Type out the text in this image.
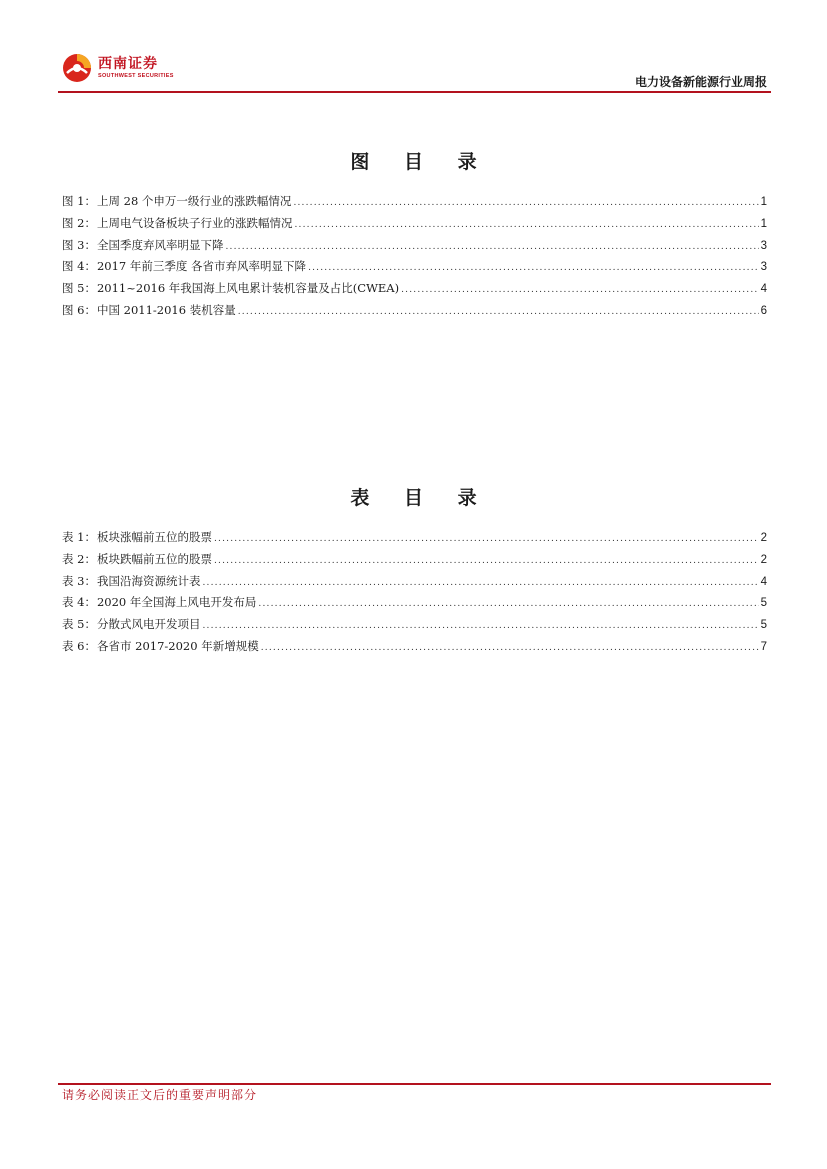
西南证券
SOUTHWEST SECURITIES	电力设备新能源行业周报
图 目 录
图 1： 上周 28 个申万一级行业的涨跌幅情况 .....	1
图 2： 上周电气设备板块子行业的涨跌幅情况 .....	1
图 3： 全国季度弃风率明显下降 .....	3
图 4： 2017 年前三季度 各省市弃风率明显下降 .....	3
图 5： 2011~2016 年我国海上风电累计装机容量及占比(CWEA) .....	4
图 6： 中国 2011-2016 装机容量 .....	6
表 目 录
表 1： 板块涨幅前五位的股票 .....	2
表 2： 板块跌幅前五位的股票 .....	2
表 3： 我国沿海资源统计表 .....	4
表 4： 2020 年全国海上风电开发布局 .....	5
表 5： 分散式风电开发项目 .....	5
表 6： 各省市 2017-2020 年新增规模 .....	7
请务必阅读正文后的重要声明部分
